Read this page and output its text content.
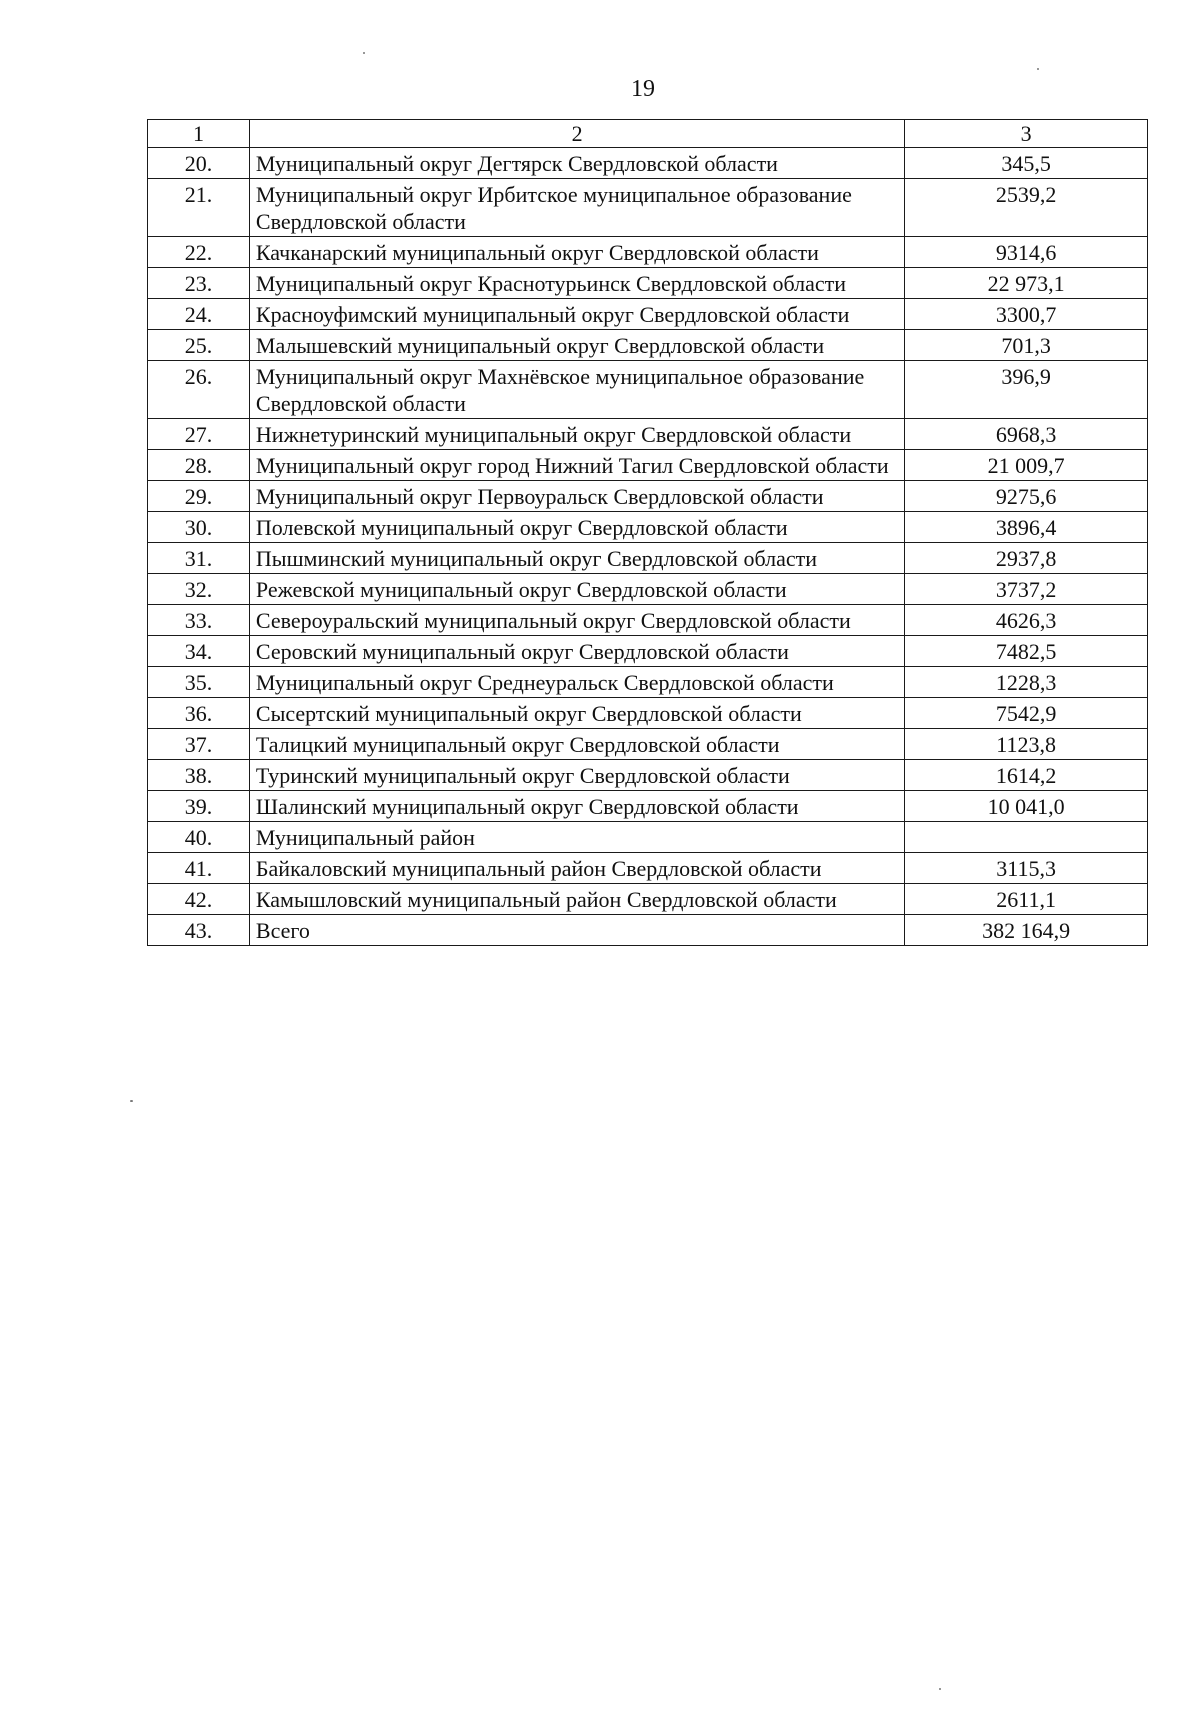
19
1	2	3
20.	Муниципальный округ Дегтярск Свердловской области	345,5
21.	Муниципальный округ Ирбитское муниципальное образование Свердловской области	2539,2
22.	Качканарский муниципальный округ Свердловской области	9314,6
23.	Муниципальный округ Краснотурьинск Свердловской области	22 973,1
24.	Красноуфимский муниципальный округ Свердловской области	3300,7
25.	Малышевский муниципальный округ Свердловской области	701,3
26.	Муниципальный округ Махнёвское муниципальное образование Свердловской области	396,9
27.	Нижнетуринский муниципальный округ Свердловской области	6968,3
28.	Муниципальный округ город Нижний Тагил Свердловской области	21 009,7
29.	Муниципальный округ Первоуральск Свердловской области	9275,6
30.	Полевской муниципальный округ Свердловской области	3896,4
31.	Пышминский муниципальный округ Свердловской области	2937,8
32.	Режевской муниципальный округ Свердловской области	3737,2
33.	Североуральский муниципальный округ Свердловской области	4626,3
34.	Серовский муниципальный округ Свердловской области	7482,5
35.	Муниципальный округ Среднеуральск Свердловской области	1228,3
36.	Сысертский муниципальный округ Свердловской области	7542,9
37.	Талицкий муниципальный округ Свердловской области	1123,8
38.	Туринский муниципальный округ Свердловской области	1614,2
39.	Шалинский муниципальный округ Свердловской области	10 041,0
40.	Муниципальный район	
41.	Байкаловский муниципальный район Свердловской области	3115,3
42.	Камышловский муниципальный район Свердловской области	2611,1
43.	Всего	382 164,9
